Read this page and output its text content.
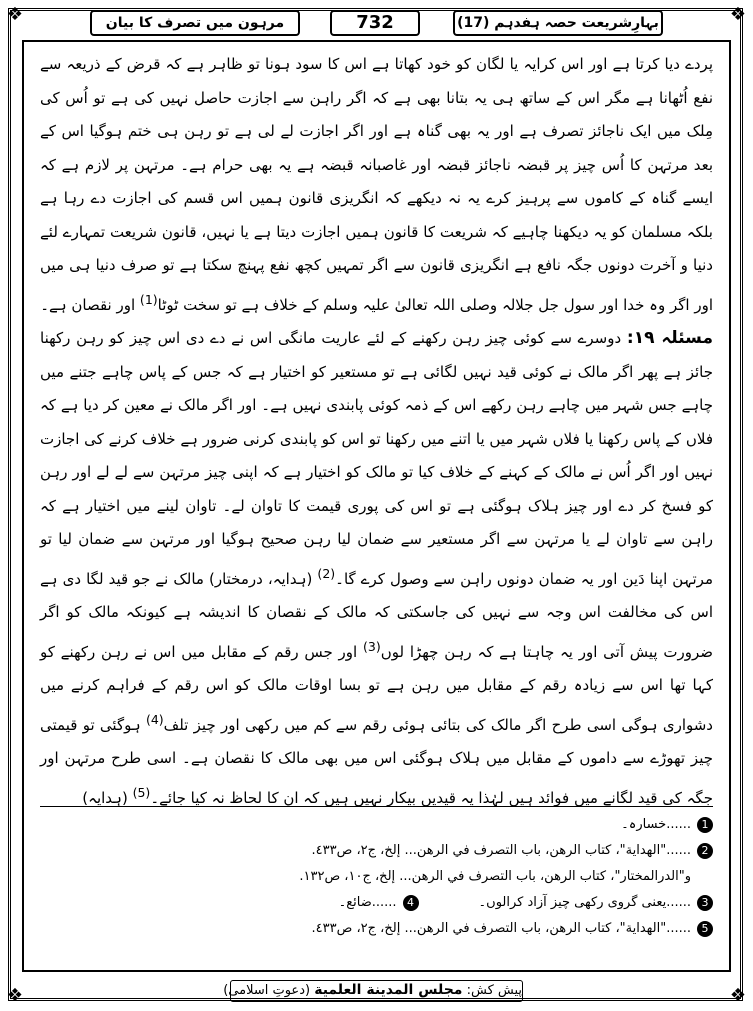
❖	❖
❖	❖
بہارِشریعت حصہ ہفدہم (17)
732
مرہون میں تصرف کا بیان

پردے دیا کرتا ہے اور اس کرایہ یا لگان کو خود کھاتا ہے اس کا سود ہونا تو ظاہر ہے کہ قرض کے ذریعہ سے نفع اُٹھانا ہے مگر اس کے ساتھ ہی یہ بتانا بھی ہے کہ اگر راہن سے اجازت حاصل نہیں کی ہے تو اُس کی مِلک میں ایک ناجائز تصرف ہے اور یہ بھی گناہ ہے اور اگر اجازت لے لی ہے تو رہن ہی ختم ہوگیا اس کے بعد مرتہن کا اُس چیز پر قبضہ ناجائز قبضہ اور غاصبانہ قبضہ ہے یہ بھی حرام ہے۔ مرتہن پر لازم ہے کہ ایسے گناہ کے کاموں سے پرہیز کرے یہ نہ دیکھے کہ انگریزی قانون ہمیں اس قسم کی اجازت دے رہا ہے بلکہ مسلمان کو یہ دیکھنا چاہیے کہ شریعت کا قانون ہمیں اجازت دیتا ہے یا نہیں، قانون شریعت تمہارے لئے دنیا و آخرت دونوں جگہ نافع ہے انگریزی قانون سے اگر تمہیں کچھ نفع پہنچ سکتا ہے تو صرف دنیا ہی میں اور اگر وہ خدا اور سول جل جلالہ وصلی اللہ تعالیٰ علیہ وسلم کے خلاف ہے تو سخت ٹوٹا$^{(1)}$ اور نقصان ہے۔

مسئلہ ۱۹: دوسرے سے کوئی چیز رہن رکھنے کے لئے عاریت مانگی اس نے دے دی اس چیز کو رہن رکھنا جائز ہے پھر اگر مالک نے کوئی قید نہیں لگائی ہے تو مستعیر کو اختیار ہے کہ جس کے پاس چاہے جتنے میں چاہے جس شہر میں چاہے رہن رکھے اس کے ذمہ کوئی پابندی نہیں ہے۔ اور اگر مالک نے معین کر دیا ہے کہ فلاں کے پاس رکھنا یا فلاں شہر میں یا اتنے میں رکھنا تو اس کو پابندی کرنی ضرور ہے خلاف کرنے کی اجازت نہیں اور اگر اُس نے مالک کے کہنے کے خلاف کیا تو مالک کو اختیار ہے کہ اپنی چیز مرتہن سے لے لے اور رہن کو فسخ کر دے اور چیز ہلاک ہوگئی ہے تو اس کی پوری قیمت کا تاوان لے۔ تاوان لینے میں اختیار ہے کہ راہن سے تاوان لے یا مرتہن سے اگر مستعیر سے ضمان لیا رہن صحیح ہوگیا اور مرتہن سے ضمان لیا تو مرتہن اپنا دَین اور یہ ضمان دونوں راہن سے وصول کرے گا۔$^{(2)}$ (ہدایہ، درمختار) مالک نے جو قید لگا دی ہے اس کی مخالفت اس وجہ سے نہیں کی جاسکتی کہ مالک کے نقصان کا اندیشہ ہے کیونکہ مالک کو اگر ضرورت پیش آتی اور یہ چاہتا ہے کہ رہن چھڑا لوں$^{(3)}$ اور جس رقم کے مقابل میں اس نے رہن رکھنے کو کہا تھا اس سے زیادہ رقم کے مقابل میں رہن ہے تو بسا اوقات مالک کو اس رقم کے فراہم کرنے میں دشواری ہوگی اسی طرح اگر مالک کی بتائی ہوئی رقم سے کم میں رکھی اور چیز تلف$^{(4)}$ ہوگئی تو قیمتی چیز تھوڑے سے داموں کے مقابل میں ہلاک ہوگئی اس میں بھی مالک کا نقصان ہے۔ اسی طرح مرتہن اور جگہ کی قید لگانے میں فوائد ہیں لہٰذا یہ قیدیں بیکار نہیں ہیں کہ ان کا لحاظ نہ کیا جائے۔$^{(5)}$ (ہدایہ)

1
......خسارہ۔
2
......"الهداية"، كتاب الرهن، باب التصرف في الرهن... إلخ، ج٢، ص٤٣٣.
و"الدرالمختار"، كتاب الرهن، باب التصرف في الرهن... إلخ، ج١٠، ص١٣٢.
3
......یعنی گروی رکھی چیز آزاد کرالوں۔
4
......ضائع۔
5
......"الهداية"، كتاب الرهن، باب التصرف في الرهن... إلخ، ج٢، ص٤٣٣.
پیش کش: مجلس المدينة العلمية (دعوتِ اسلامی)
